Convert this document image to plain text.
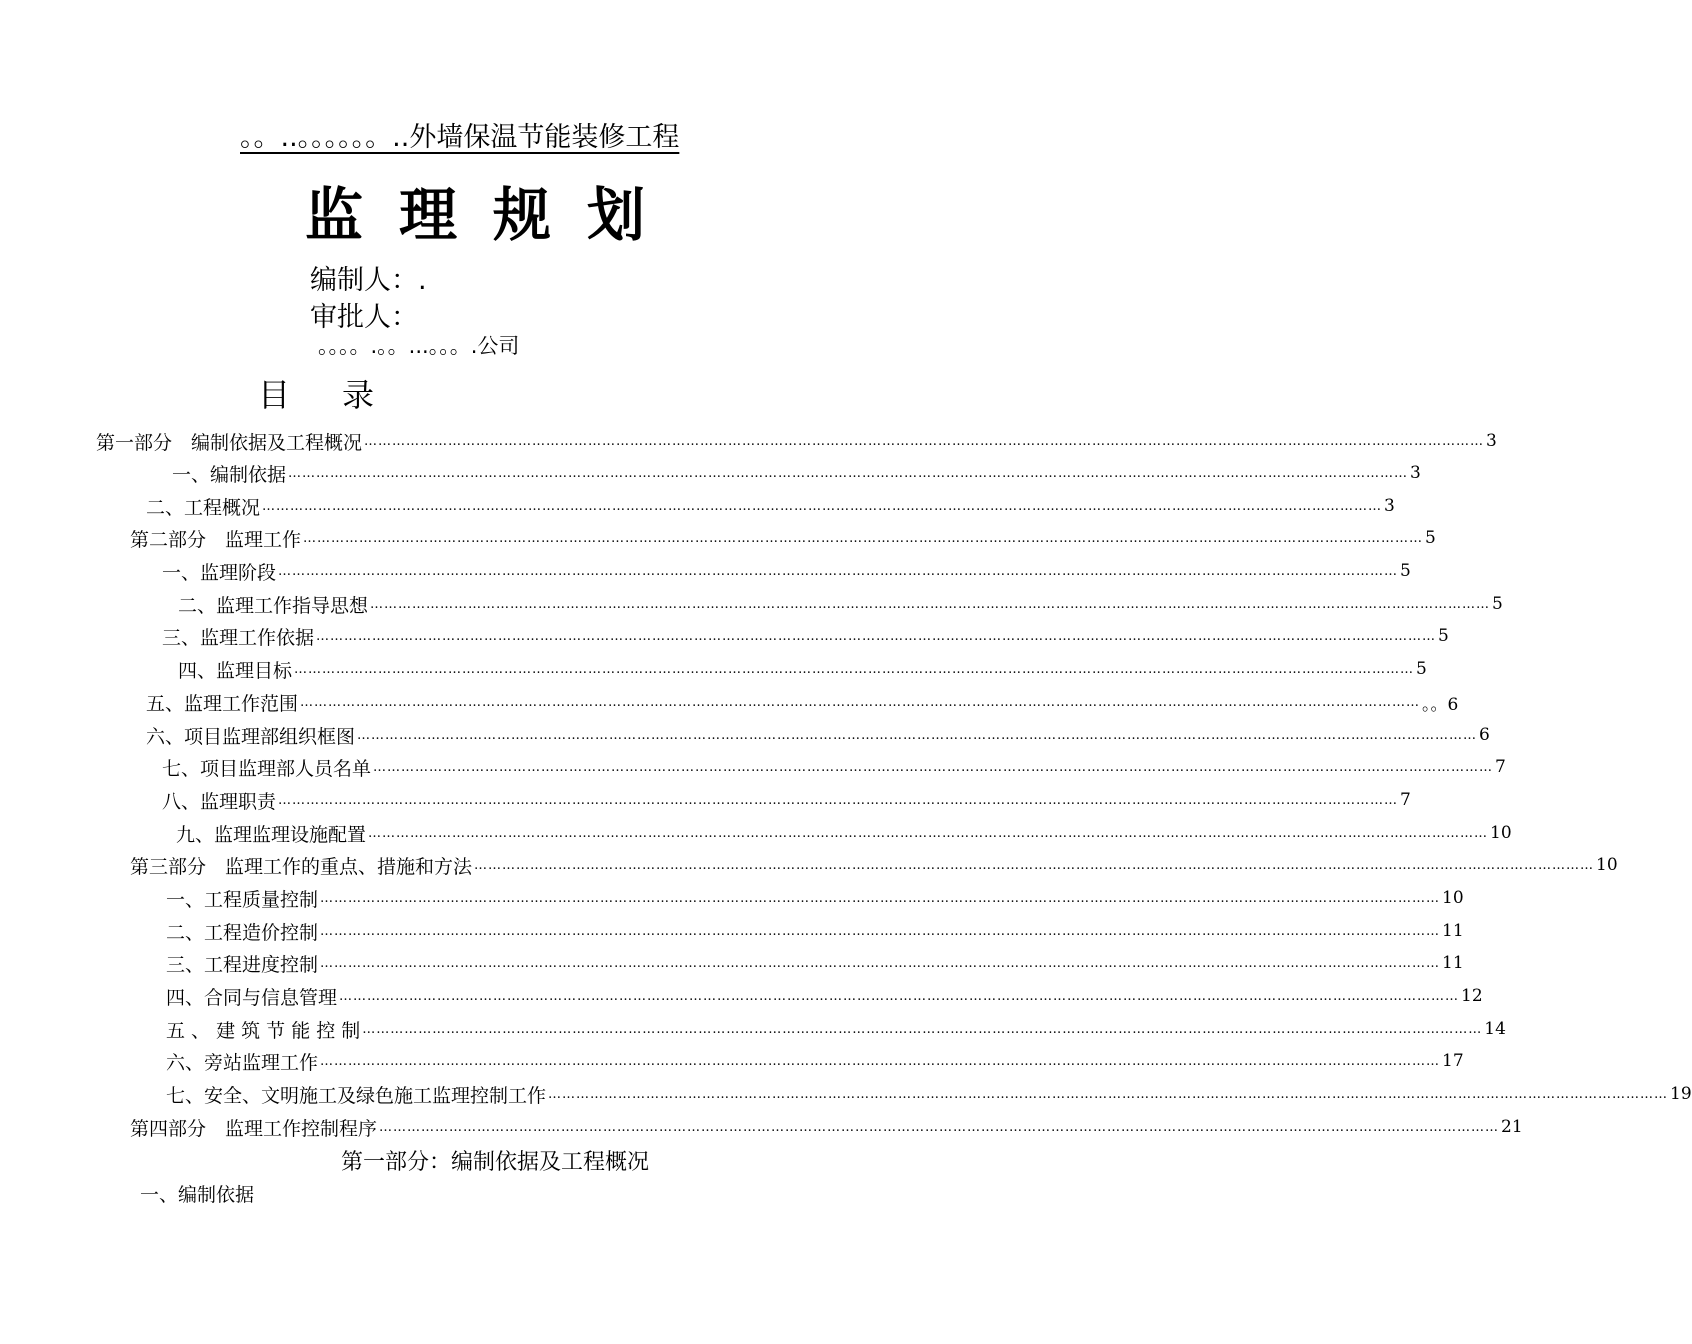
。。..。。。。。。..外墙保温节能装修工程
监理规划
编制人：.
审批人：
。。。。.。。...。。。.公司
目录
第一部分　编制依据及工程概况 …………………………………………………………………………………………………………………………………………………………………………………………………………………… 3
一、编制依据 …………………………………………………………………………………………………………………………………………………………………………………………………………………… 3
二、工程概况 …………………………………………………………………………………………………………………………………………………………………………………………………………………… 3
第二部分　监理工作 …………………………………………………………………………………………………………………………………………………………………………………………………………………… 5
一、监理阶段 …………………………………………………………………………………………………………………………………………………………………………………………………………………… 5
二、监理工作指导思想 …………………………………………………………………………………………………………………………………………………………………………………………………………………… 5
三、监理工作依据 …………………………………………………………………………………………………………………………………………………………………………………………………………………… 5
四、监理目标 …………………………………………………………………………………………………………………………………………………………………………………………………………………… 5
五、监理工作范围 …………………………………………………………………………………………………………………………………………………………………………………………………………………… 。。6
六、项目监理部组织框图 …………………………………………………………………………………………………………………………………………………………………………………………………………………… 6
七、项目监理部人员名单 …………………………………………………………………………………………………………………………………………………………………………………………………………………… 7
八、监理职责 …………………………………………………………………………………………………………………………………………………………………………………………………………………… 7
九、监理监理设施配置 …………………………………………………………………………………………………………………………………………………………………………………………………………………… 10
第三部分　监理工作的重点、措施和方法 …………………………………………………………………………………………………………………………………………………………………………………………………………………… 10
一、工程质量控制 …………………………………………………………………………………………………………………………………………………………………………………………………………………… 10
二、工程造价控制 …………………………………………………………………………………………………………………………………………………………………………………………………………………… 11
三、工程进度控制 …………………………………………………………………………………………………………………………………………………………………………………………………………………… 11
四、合同与信息管理 …………………………………………………………………………………………………………………………………………………………………………………………………………………… 12
五 、 建 筑 节 能 控 制 …………………………………………………………………………………………………………………………………………………………………………………………………………………… 14
六、旁站监理工作 …………………………………………………………………………………………………………………………………………………………………………………………………………………… 17
七、安全、文明施工及绿色施工监理控制工作 …………………………………………………………………………………………………………………………………………………………………………………………………………………… 19
第四部分　监理工作控制程序 …………………………………………………………………………………………………………………………………………………………………………………………………………………… 21
第一部分：编制依据及工程概况
一、编制依据
